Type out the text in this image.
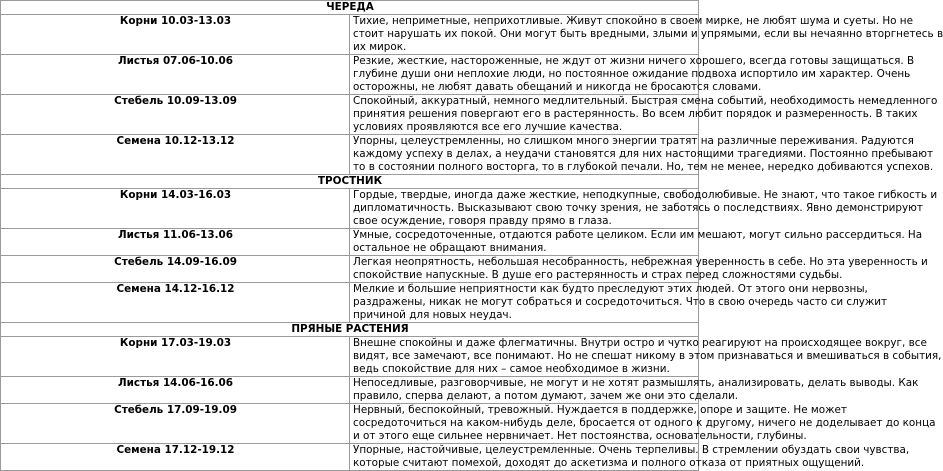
ЧЕРЕДА	
Корни 10.03-13.03	Тихие, неприметные, неприхотливые. Живут спокойно в своем мирке, не любят шума и суеты. Но не
стоит нарушать их покой. Они могут быть вредными, злыми и упрямыми, если вы нечаянно вторгнетесь в
их мирок.

Листья 07.06-10.06	Резкие, жесткие, настороженные, не ждут от жизни ничего хорошего, всегда готовы защищаться. В
глубине души они неплохие люди, но постоянное ожидание подвоха испортило им характер. Очень
осторожны, не любят давать обещаний и никогда не бросаются словами.

Стебель 10.09-13.09	Спокойный, аккуратный, немного медлительный. Быстрая смена событий, необходимость немедленного
принятия решения повергают его в растерянность. Во всем любит порядок и размеренность. В таких
условиях проявляются все его лучшие качества.

Семена 10.12-13.12	Упорны, целеустремленны, но слишком много энергии тратят на различные переживания. Радуются
каждому успеху в делах, а неудачи становятся для них настоящими трагедиями. Постоянно пребывают
то в состоянии полного восторга, то в глубокой печали. Но, тем не менее, нередко добиваются успехов.

ТРОСТНИК	
Корни 14.03-16.03	Гордые, твердые, иногда даже жесткие, неподкупные, свободолюбивые. Не знают, что такое гибкость и
дипломатичность. Высказывают свою точку зрения, не заботясь о последствиях. Явно демонстрируют
свое осуждение, говоря правду прямо в глаза.

Листья 11.06-13.06	Умные, сосредоточенные, отдаются работе целиком. Если им мешают, могут сильно рассердиться. На
остальное не обращают внимания.

Стебель 14.09-16.09	Легкая неопрятность, небольшая несобранность, небрежная уверенность в себе. Но эта уверенность и
спокойствие напускные. В душе его растерянность и страх перед сложностями судьбы.

Семена 14.12-16.12	Мелкие и большие неприятности как будто преследуют этих людей. От этого они нервозны,
раздражены, никак не могут собраться и сосредоточиться. Что в свою очередь часто си служит
причиной для новых неудач.

ПРЯНЫЕ РАСТЕНИЯ	
Корни 17.03-19.03	Внешне спокойны и даже флегматичны. Внутри остро и чутко реагируют на происходящее вокруг, все
видят, все замечают, все понимают. Но не спешат никому в этом признаваться и вмешиваться в события,
ведь спокойствие для них – самое необходимое в жизни.

Листья 14.06-16.06	Непоседливые, разговорчивые, не могут и не хотят размышлять, анализировать, делать выводы. Как
правило, сперва делают, а потом думают, зачем же они это сделали.

Стебель 17.09-19.09	Нервный, беспокойный, тревожный. Нуждается в поддержке, опоре и защите. Не может
сосредоточиться на каком-нибудь деле, бросается от одного к другому, ничего не доделывает до конца
и от этого еще сильнее нервничает. Нет постоянства, основательности, глубины.

Семена 17.12-19.12	Упорные, настойчивые, целеустремленные. Очень терпеливы. В стремлении обуздать свои чувства,
которые считают помехой, доходят до аскетизма и полного отказа от приятных ощущений.
